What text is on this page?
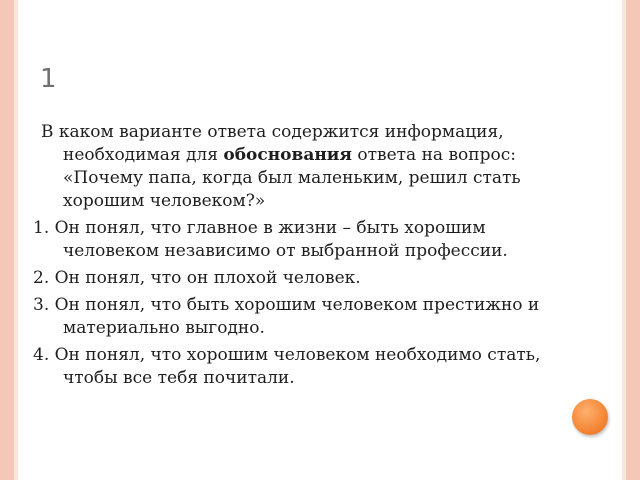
1

В каком варианте ответа содержится информация, необходимая для обоснования ответа на вопрос: «Почему папа, когда был маленьким, решил стать хорошим человеком?»

1. Он понял, что главное в жизни – быть хорошим человеком независимо от выбранной профессии.

2. Он понял, что он плохой человек.

3. Он понял, что быть хорошим человеком престижно и материально выгодно.

4. Он понял, что хорошим человеком необходимо стать, чтобы все тебя почитали.
